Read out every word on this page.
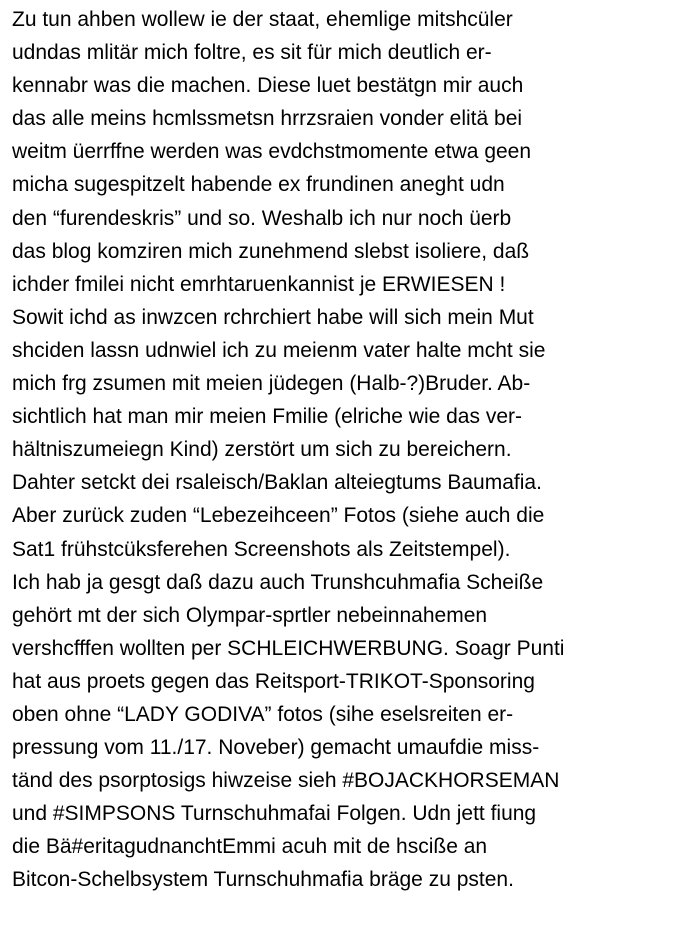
Zu tun ahben wollew ie der staat, ehemlige mitshcüler
udndas mlitär mich foltre, es sit für mich deutlich er-
kennabr was die machen. Diese luet bestätgn mir auch
das alle meins hcmlssmetsn hrrzsraien vonder elitä bei
weitm üerrffne werden was evdchstmomente etwa geen
micha sugespitzelt habende ex frundinen aneght udn
den “furendeskris” und so. Weshalb ich nur noch üerb
das blog komziren mich zunehmend slebst isoliere, daß
ichder fmilei nicht emrhtaruenkannist je ERWIESEN !
Sowit ichd as inwzcen rchrchiert habe will sich mein Mut
shciden lassn udnwiel ich zu meienm vater halte mcht sie
mich frg zsumen mit meien jüdegen (Halb-?)Bruder. Ab-
sichtlich hat man mir meien Fmilie (elriche wie das ver-
hältniszumeiegn Kind) zerstört um sich zu bereichern.
Dahter setckt dei rsaleisch/Baklan alteiegtums Baumafia.
Aber zurück zuden “Lebezeihceen” Fotos (siehe auch die
Sat1 frühstcüksferehen Screenshots als Zeitstempel).
Ich hab ja gesgt daß dazu auch Trunshcuhmafia Scheiße
gehört mt der sich Olympar-sprtler nebeinnahemen
vershcfffen wollten per SCHLEICHWERBUNG. Soagr Punti
hat aus proets gegen das Reitsport-TRIKOT-Sponsoring
oben ohne “LADY GODIVA” fotos (sihe eselsreiten er-
pressung vom 11./17. Noveber) gemacht umaufdie miss-
tänd des psorptosigs hiwzeise sieh #BOJACKHORSEMAN
und #SIMPSONS Turnschuhmafai Folgen. Udn jett fiung
die Bä#eritagudnanchtEmmi acuh mit de hsciße an
Bitcon-Schelbsystem Turnschuhmafia bräge zu psten.
